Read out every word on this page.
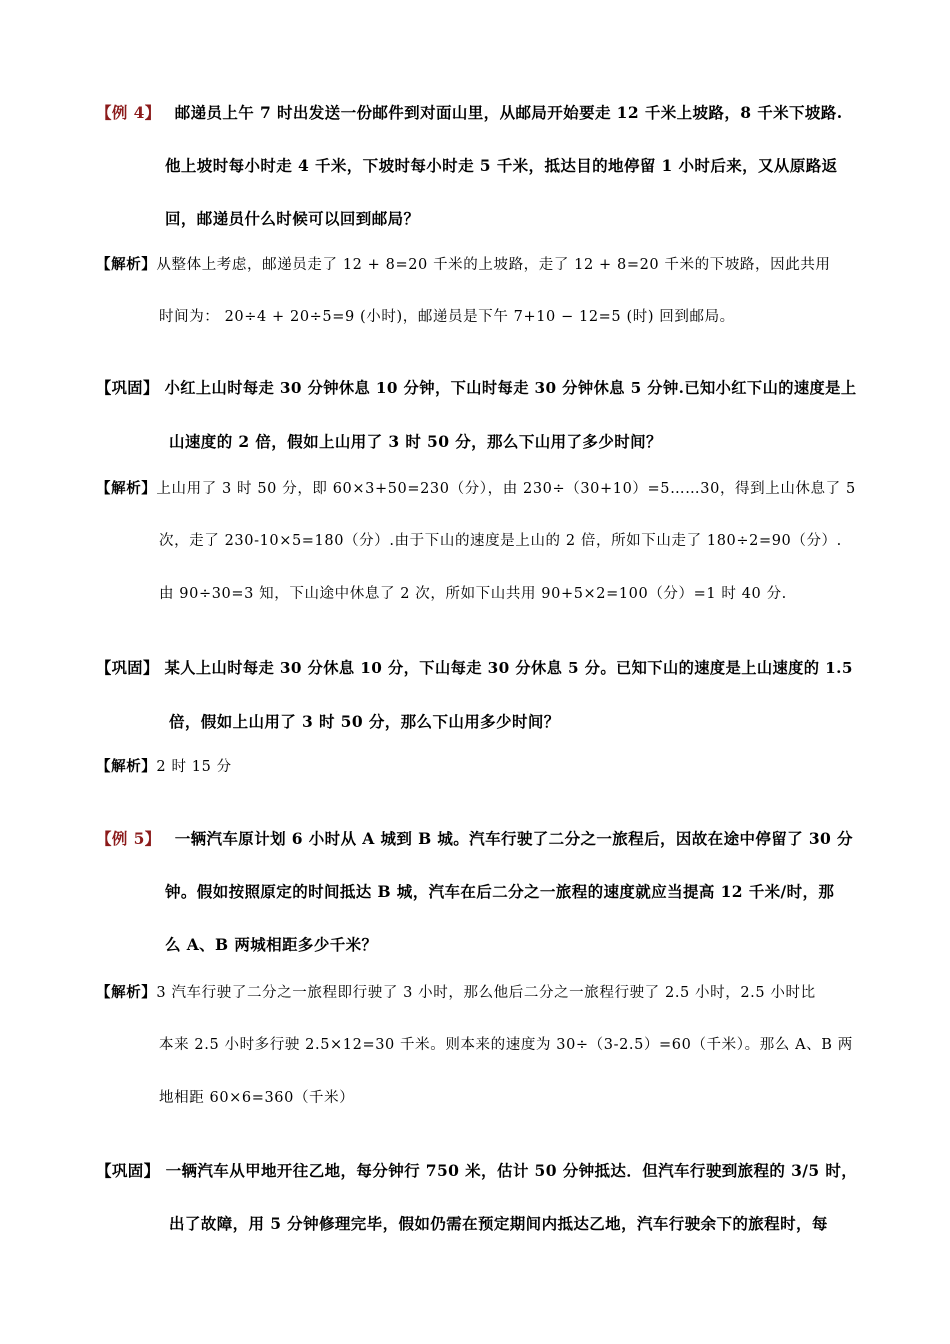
【例 4】 邮递员上午 7 时出发送一份邮件到对面山里，从邮局开始要走 12 千米上坡路，8 千米下坡路.
他上坡时每小时走 4 千米，下坡时每小时走 5 千米，抵达目的地停留 1 小时后来，又从原路返
回，邮递员什么时候可以回到邮局？
【解析】从整体上考虑，邮递员走了 12 + 8=20 千米的上坡路，走了 12 + 8=20 千米的下坡路，因此共用
时间为： 20÷4 + 20÷5=9 (小时)，邮递员是下午 7+10 − 12=5 (时) 回到邮局。
【巩固】 小红上山时每走 30 分钟休息 10 分钟，下山时每走 30 分钟休息 5 分钟.已知小红下山的速度是上
山速度的 2 倍，假如上山用了 3 时 50 分，那么下山用了多少时间？
【解析】上山用了 3 时 50 分，即 60×3+50=230（分），由 230÷（30+10）=5……30，得到上山休息了 5
次，走了 230-10×5=180（分）.由于下山的速度是上山的 2 倍，所如下山走了 180÷2=90（分）.
由 90÷30=3 知，下山途中休息了 2 次，所如下山共用 90+5×2=100（分）=1 时 40 分.
【巩固】 某人上山时每走 30 分休息 10 分，下山每走 30 分休息 5 分。已知下山的速度是上山速度的 1.5
倍，假如上山用了 3 时 50 分，那么下山用多少时间？
【解析】2 时 15 分
【例 5】 一辆汽车原计划 6 小时从 A 城到 B 城。汽车行驶了二分之一旅程后，因故在途中停留了 30 分
钟。假如按照原定的时间抵达 B 城，汽车在后二分之一旅程的速度就应当提高 12 千米/时，那
么 A、B 两城相距多少千米？
【解析】3 汽车行驶了二分之一旅程即行驶了 3 小时，那么他后二分之一旅程行驶了 2.5 小时，2.5 小时比
本来 2.5 小时多行驶 2.5×12=30 千米。则本来的速度为 30÷（3-2.5）=60（千米）。那么 A、B 两
地相距 60×6=360（千米）
【巩固】 一辆汽车从甲地开往乙地，每分钟行 750 米，估计 50 分钟抵达．但汽车行驶到旅程的 3/5 时，
出了故障，用 5 分钟修理完毕，假如仍需在预定期间内抵达乙地，汽车行驶余下的旅程时，每
